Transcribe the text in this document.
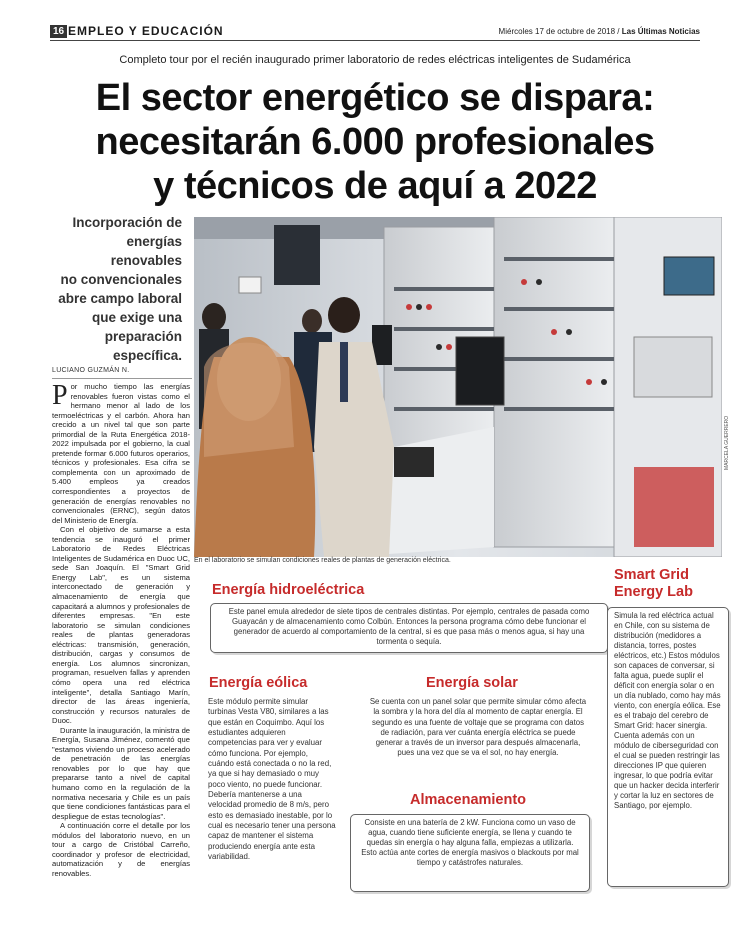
16 EMPLEO Y EDUCACIÓN	Miércoles 17 de octubre de 2018 / Las Últimas Noticias
Completo tour por el recién inaugurado primer laboratorio de redes eléctricas inteligentes de Sudamérica
El sector energético se dispara:
necesitarán 6.000 profesionales
y técnicos de aquí a 2022
Incorporación de
energías renovables
no convencionales
abre campo laboral
que exige una
preparación
específica.
En el laboratorio se simulan condiciones reales de plantas de generación eléctrica.
MARCELA GUERRERO
LUCIANO GUZMÁN N.

Por mucho tiempo las energías renovables fueron vistas como el hermano menor al lado de los termoeléctricas y el carbón. Ahora han crecido a un nivel tal que son parte primordial de la Ruta Energética 2018-2022 impulsada por el gobierno, la cual pretende formar 6.000 futuros operarios, técnicos y profesionales. Esa cifra se complementa con un aproximado de 5.400 empleos ya creados correspondientes a proyectos de generación de energías renovables no convencionales (ERNC), según datos del Ministerio de Energía.

Con el objetivo de sumarse a esta tendencia se inauguró el primer Laboratorio de Redes Eléctricas Inteligentes de Sudamérica en Duoc UC, sede San Joaquín. El "Smart Grid Energy Lab", es un sistema interconectado de generación y almacenamiento de energía que capacitará a alumnos y profesionales de diferentes empresas. "En este laboratorio se simulan condiciones reales de plantas generadoras eléctricas: transmisión, generación, distribución, cargas y consumos de energía. Los alumnos sincronizan, programan, resuelven fallas y aprenden cómo opera una red eléctrica inteligente", detalla Santiago Marín, director de las áreas ingeniería, construcción y recursos naturales de Duoc.

Durante la inauguración, la ministra de Energía, Susana Jiménez, comentó que "estamos viviendo un proceso acelerado de penetración de las energías renovables por lo que hay que prepararse tanto a nivel de capital humano como en la regulación de la normativa necesaria y Chile es un país que tiene condiciones fantásticas para el despliegue de estas tecnologías".

A continuación corre el detalle por los módulos del laboratorio nuevo, en un tour a cargo de Cristóbal Carreño, coordinador y profesor de electricidad, automatización y de energías renovables.

Energía hidroeléctrica
Este panel emula alrededor de siete tipos de centrales distintas. Por ejemplo, centrales de pasada como Guayacán y de almacenamiento como Colbún. Entonces la persona programa cómo debe funcionar el generador de acuerdo al comportamiento de la central, si es que pasa más o menos agua, si hay una tormenta o sequía.
Energía eólica
Este módulo permite simular turbinas Vesta V80, similares a las que están en Coquimbo. Aquí los estudiantes adquieren competencias para ver y evaluar cómo funciona. Por ejemplo, cuándo está conectada o no la red, ya que si hay demasiado o muy poco viento, no puede funcionar. Debería mantenerse a una velocidad promedio de 8 m/s, pero esto es demasiado inestable, por lo cual es necesario tener una persona capaz de mantener el sistema produciendo energía ante esta variabilidad.
Energía solar
Se cuenta con un panel solar que permite simular cómo afecta la sombra y la hora del día al momento de captar energía. El segundo es una fuente de voltaje que se programa con datos de radiación, para ver cuánta energía eléctrica se puede generar a través de un inversor para después almacenarla, pues una vez que se va el sol, no hay energía.
Almacenamiento
Consiste en una batería de 2 kW. Funciona como un vaso de agua, cuando tiene suficiente energía, se llena y cuando te quedas sin energía o hay alguna falla, empiezas a utilizarla. Esto actúa ante cortes de energía masivos o blackouts por mal tiempo y catástrofes naturales.
Smart Grid
Energy Lab
Simula la red eléctrica actual en Chile, con su sistema de distribución (medidores a distancia, torres, postes eléctricos, etc.) Estos módulos son capaces de conversar, si falta agua, puede suplir el déficit con energía solar o en un día nublado, como hay más viento, con energía eólica. Ese es el trabajo del cerebro de Smart Grid: hacer sinergia. Cuenta además con un módulo de ciberseguridad con el cual se pueden restringir las direcciones IP que quieren ingresar, lo que podría evitar que un hacker decida interferir y cortar la luz en sectores de Santiago, por ejemplo.
